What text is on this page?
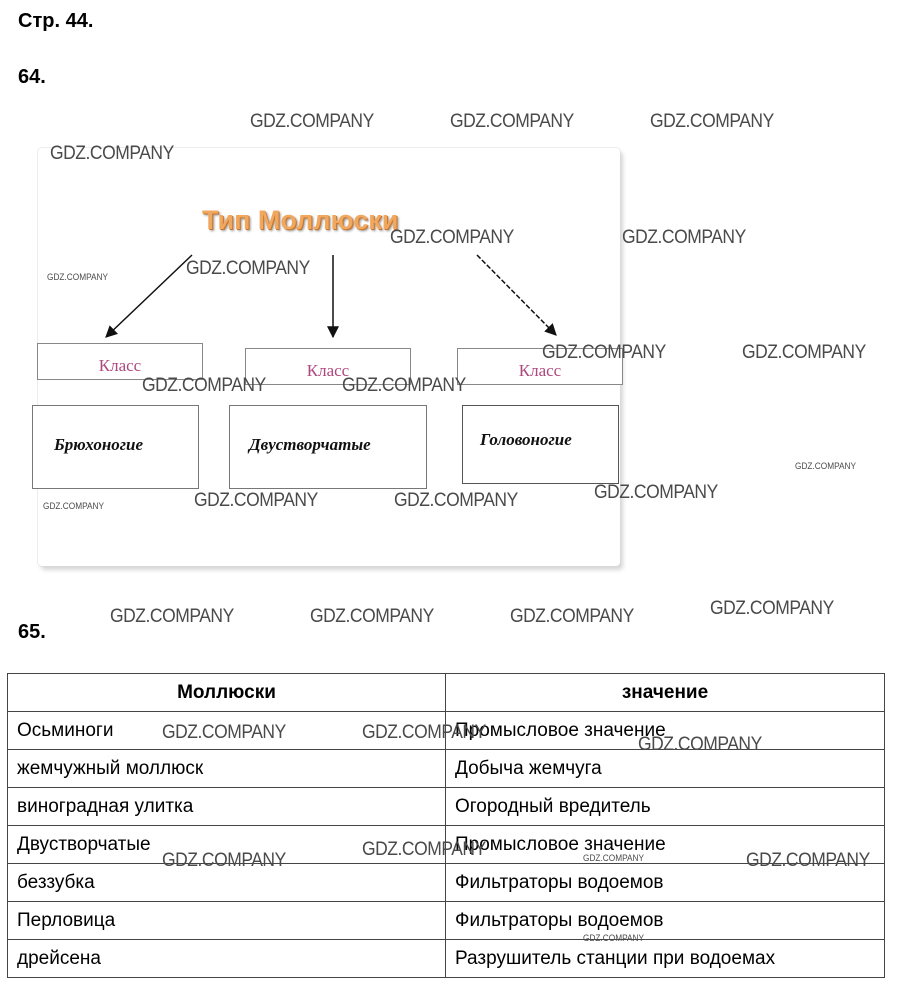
Стр. 44.
64.
Тип Моллюски
Класс	Класс	Класс
Брюхоногие	Двустворчатые	Головоногие
65.
Моллюски	значение
Осьминоги	Промысловое значение
жемчужный моллюск	Добыча жемчуга
виноградная улитка	Огородный вредитель
Двустворчатые	Промысловое значение
беззубка	Фильтраторы водоемов
Перловица	Фильтраторы водоемов
дрейсена	Разрушитель станции при водоемах
GDZ.COMPANY	GDZ.COMPANY	GDZ.COMPANY
GDZ.COMPANY
GDZ.COMPANY	GDZ.COMPANY
GDZ.COMPANY	GDZ.COMPANY
GDZ.COMPANY	GDZ.COMPANY
GDZ.COMPANY	GDZ.COMPANY
GDZ.COMPANY
GDZ.COMPANY
GDZ.COMPANY	GDZ.COMPANY	GDZ.COMPANY
GDZ.COMPANY
GDZ.COMPANY	GDZ.COMPANY	GDZ.COMPANY
GDZ.COMPANY	GDZ.COMPANY
GDZ.COMPANY
GDZ.COMPANY
GDZ.COMPANY	GDZ.COMPANY
GDZ.COMPANY
GDZ.COMPANY
